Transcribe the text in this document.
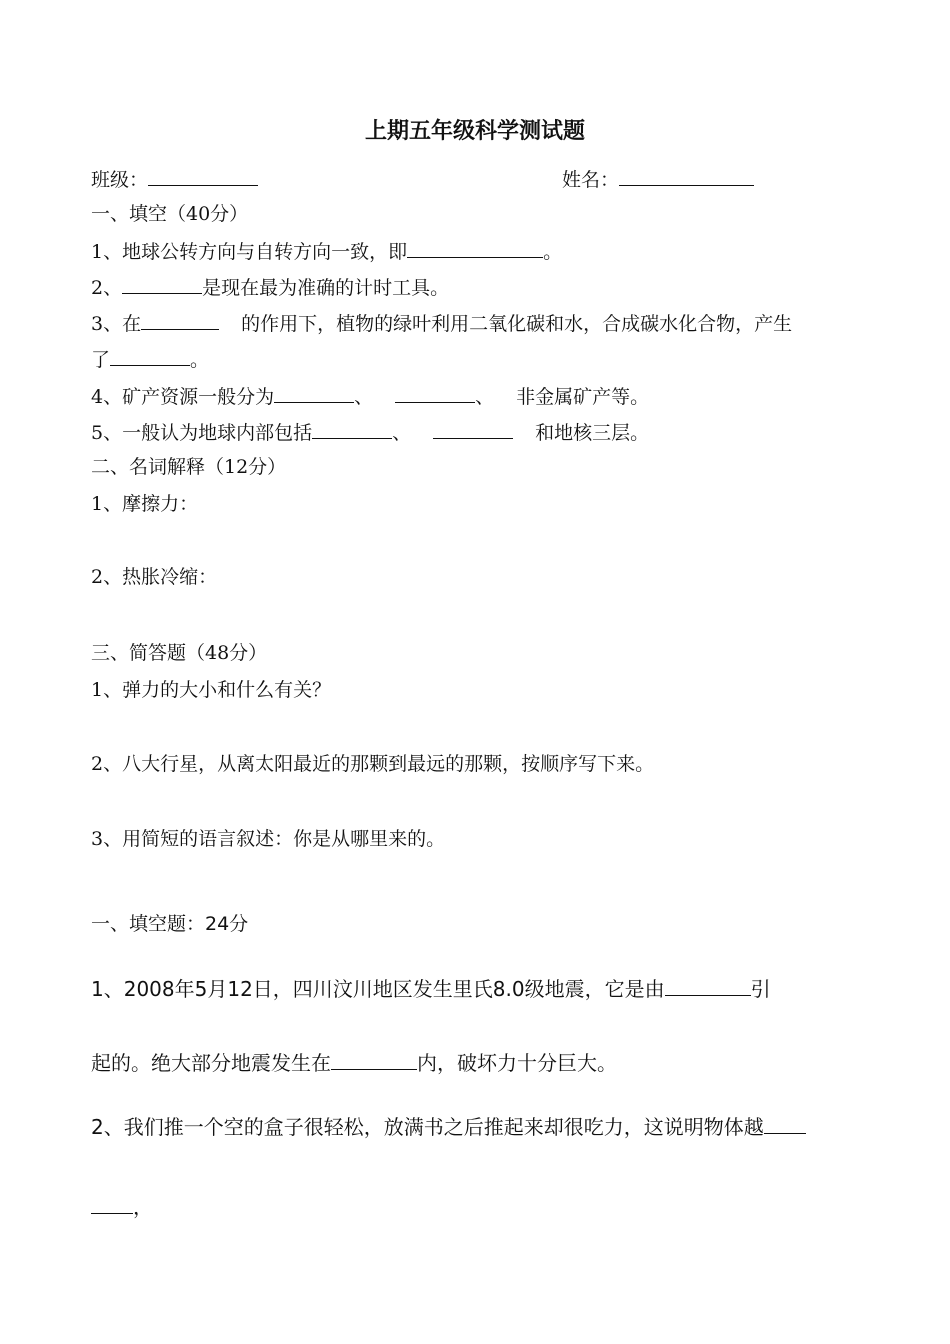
上期五年级科学测试题
班级：	姓名：
一、填空（40分）
1、地球公转方向与自转方向一致，即	。
2、	是现在最为准确的计时工具。
3、在	的作用下，植物的绿叶利用二氧化碳和水，合成碳水化合物，产生
了	。
4、矿产资源一般分为	、	、 非金属矿产等。
5、一般认为地球内部包括	、	和地核三层。
二、名词解释（12分）
1、摩擦力：
2、热胀冷缩：
三、简答题（48分）
1、弹力的大小和什么有关？
2、八大行星，从离太阳最近的那颗到最远的那颗，按顺序写下来。
3、用简短的语言叙述：你是从哪里来的。
一、填空题：24分
1、2008年5月12日，四川汶川地区发生里氏8.0级地震，它是由	引
起的。绝大部分地震发生在	内，破坏力十分巨大。
2、我们推一个空的盒子很轻松，放满书之后推起来却很吃力，这说明物体越
，
